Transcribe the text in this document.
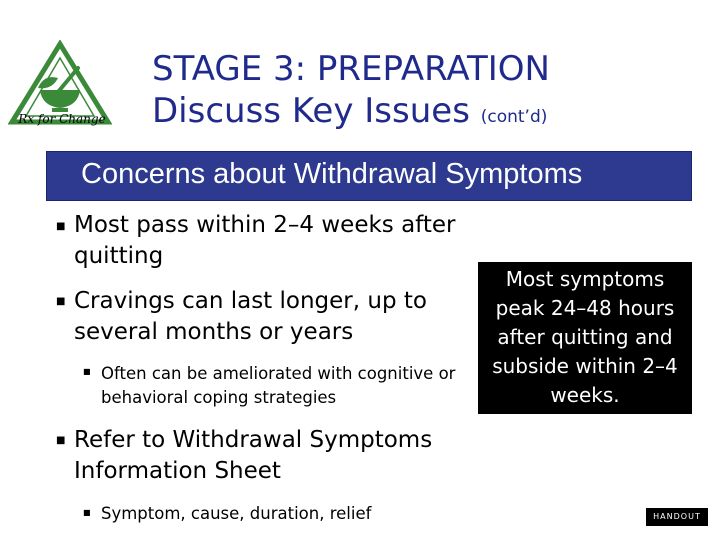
Rx for Change
STAGE 3: PREPARATION
Discuss Key Issues (cont’d)
Concerns about Withdrawal Symptoms
■ Most pass within 2–4 weeks after quitting
■ Cravings can last longer, up to several months or years
■ Often can be ameliorated with cognitive or behavioral coping strategies
■ Refer to Withdrawal Symptoms Information Sheet
■ Symptom, cause, duration, relief
Most symptoms peak 24–48 hours after quitting and subside within 2–4 weeks.
HANDOUT
